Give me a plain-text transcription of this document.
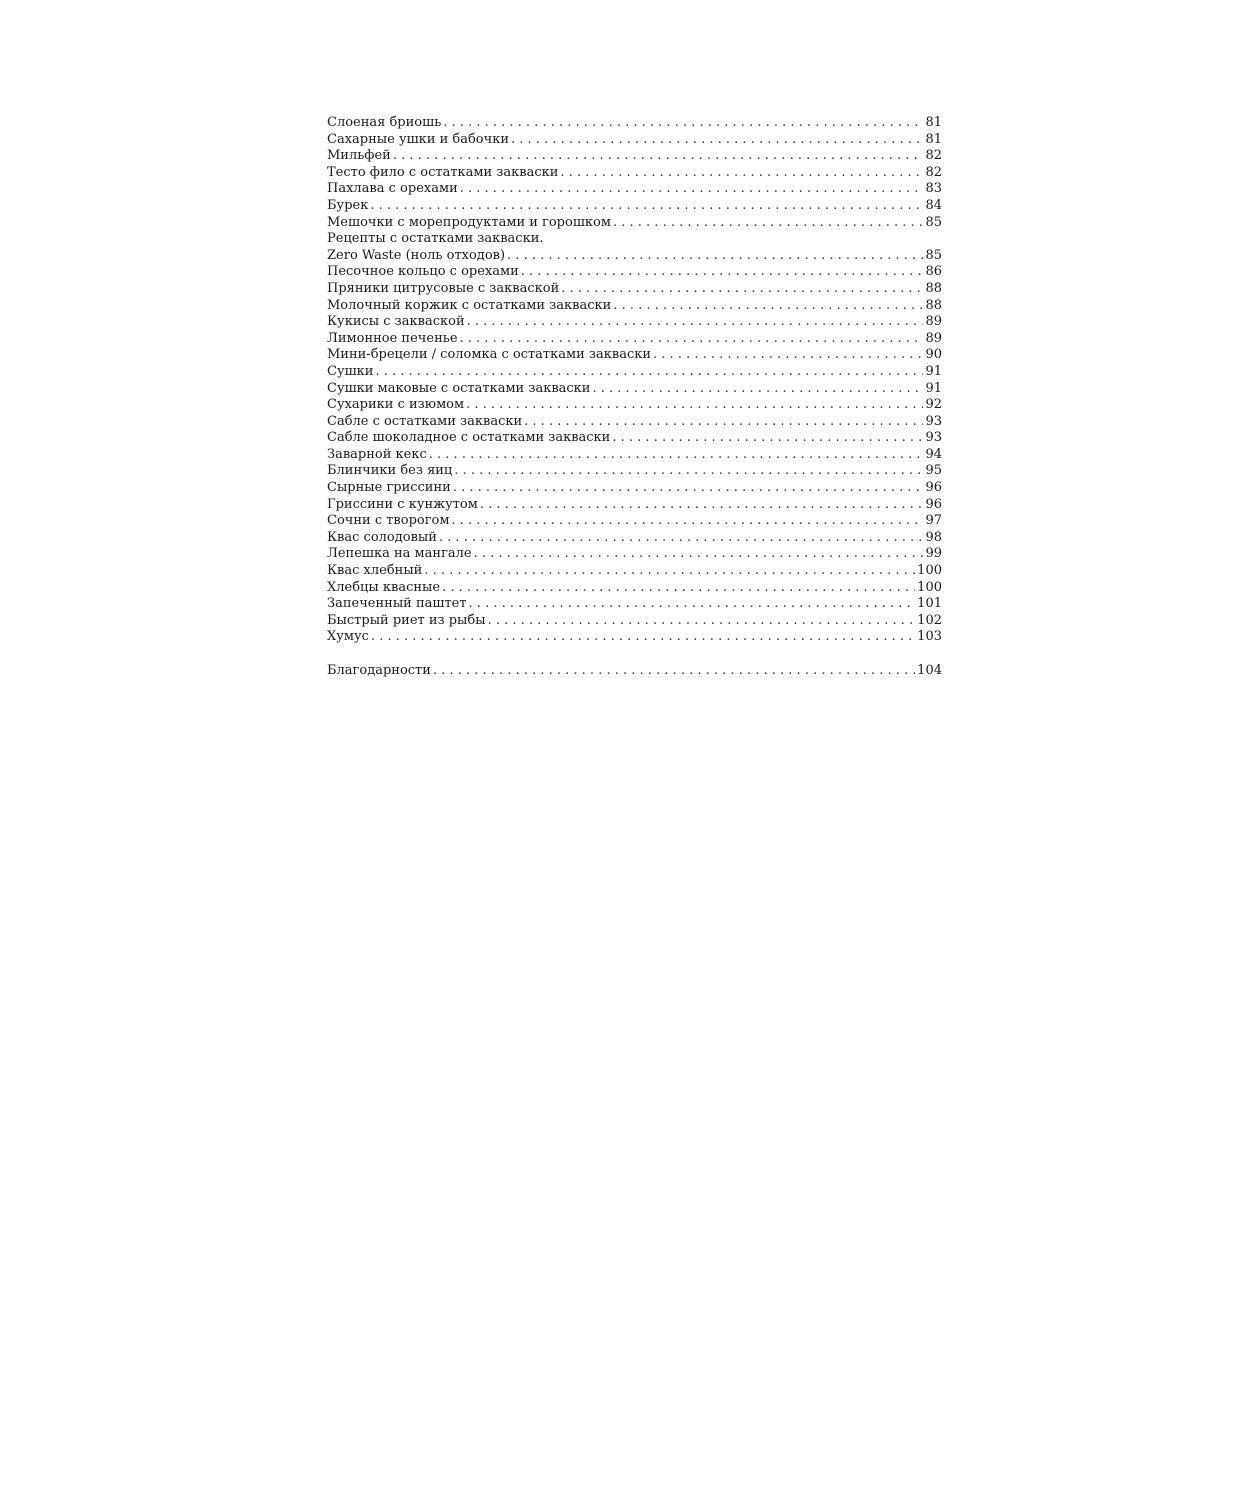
Слоеная бриошь . . .	81
Сахарные ушки и бабочки . . .	81
Мильфей . . .	82
Тесто фило с остатками закваски . . .	82
Пахлава с орехами . . .	83
Бурек . . .	84
Мешочки с морепродуктами и горошком . . .	85
Рецепты с остатками закваски.
Zero Waste (ноль отходов) . . .	85
Песочное кольцо с орехами . . .	86
Пряники цитрусовые с закваской . . .	88
Молочный коржик с остатками закваски . . .	88
Кукисы с закваской . . .	89
Лимонное печенье . . .	89
Мини-брецели / соломка с остатками закваски . . .	90
Сушки . . .	91
Сушки маковые с остатками закваски . . .	91
Сухарики с изюмом . . .	92
Сабле с остатками закваски . . .	93
Сабле шоколадное с остатками закваски . . .	93
Заварной кекс . . .	94
Блинчики без яиц . . .	95
Сырные гриссини . . .	96
Гриссини с кунжутом . . .	96
Сочни с творогом . . .	97
Квас солодовый . . .	98
Лепешка на мангале . . .	99
Квас хлебный . . .	100
Хлебцы квасные . . .	100
Запеченный паштет . . .	101
Быстрый риет из рыбы . . .	102
Хумус . . .	103
Благодарности . . .	104
